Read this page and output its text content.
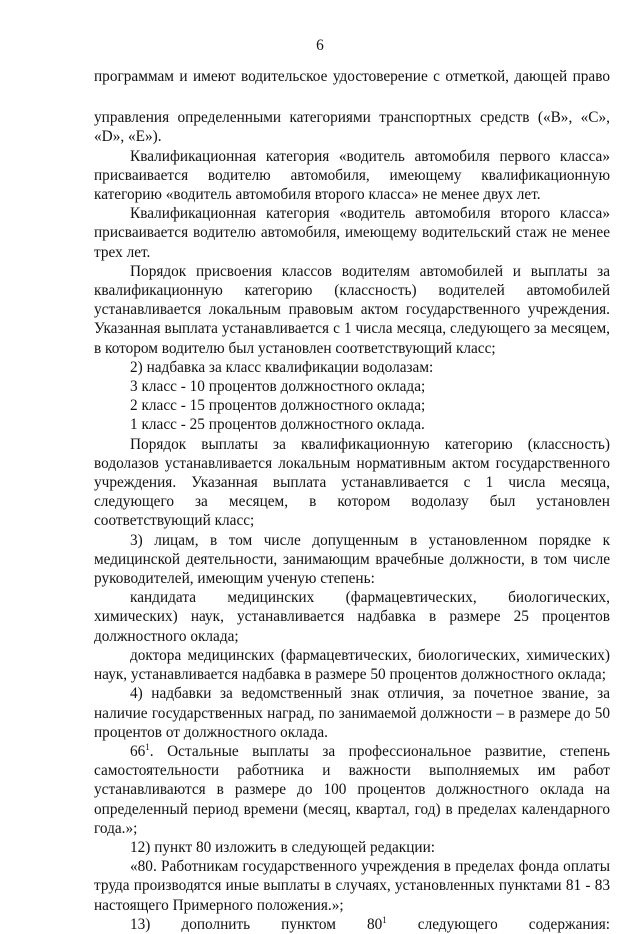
6

программам и имеют водительское удостоверение с отметкой, дающей право

управления определенными категориями транспортных средств («В», «С», «D», «Е»).

Квалификационная категория «водитель автомобиля первого класса» присваивается водителю автомобиля, имеющему квалификационную категорию «водитель автомобиля второго класса» не менее двух лет.

Квалификационная категория «водитель автомобиля второго класса» присваивается водителю автомобиля, имеющему водительский стаж не менее трех лет.

Порядок присвоения классов водителям автомобилей и выплаты за квалификационную категорию (классность) водителей автомобилей устанавливается локальным правовым актом государственного учреждения. Указанная выплата устанавливается с 1 числа месяца, следующего за месяцем, в котором водителю был установлен соответствующий класс;

2) надбавка за класс квалификации водолазам:

3 класс - 10 процентов должностного оклада;

2 класс - 15 процентов должностного оклада;

1 класс - 25 процентов должностного оклада.

Порядок выплаты за квалификационную категорию (классность) водолазов устанавливается локальным нормативным актом государственного учреждения. Указанная выплата устанавливается с 1 числа месяца, следующего за месяцем, в котором водолазу был установлен соответствующий класс;

3) лицам, в том числе допущенным в установленном порядке к медицинской деятельности, занимающим врачебные должности, в том числе руководителей, имеющим ученую степень:

кандидата медицинских (фармацевтических, биологических, химических) наук, устанавливается надбавка в размере 25 процентов должностного оклада;

доктора медицинских (фармацевтических, биологических, химических) наук, устанавливается надбавка в размере 50 процентов должностного оклада;

4) надбавки за ведомственный знак отличия, за почетное звание, за наличие государственных наград, по занимаемой должности – в размере до 50 процентов от должностного оклада.

$66^1$. Остальные выплаты за профессиональное развитие, степень самостоятельности работника и важности выполняемых им работ устанавливаются в размере до 100 процентов должностного оклада на определенный период времени (месяц, квартал, год) в пределах календарного года.»;

12) пункт 80 изложить в следующей редакции:

«80. Работникам государственного учреждения в пределах фонда оплаты труда производятся иные выплаты в случаях, установленных пунктами 81 - 83 настоящего Примерного положения.»;

13) дополнить пунктом $80^1$ следующего содержания:
